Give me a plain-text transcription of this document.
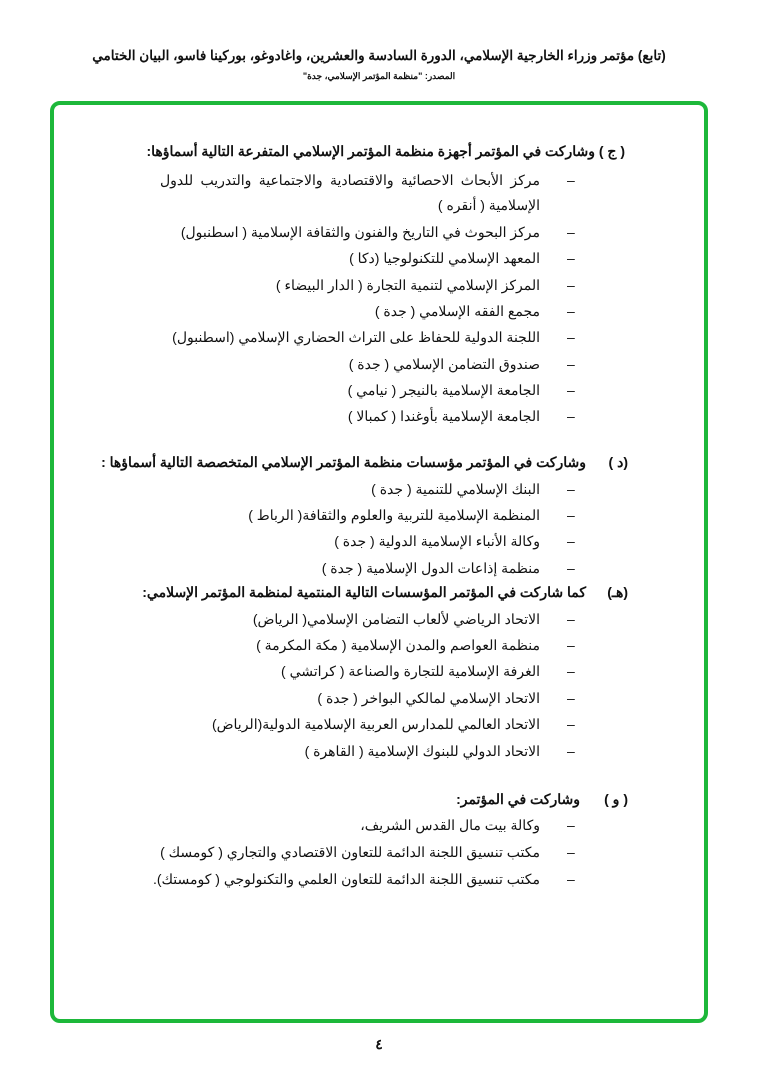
(تابع) مؤتمر وزراء الخارجية الإسلامي، الدورة السادسة والعشرين، واغادوغو، بوركينا فاسو، البيان الختامي
المصدر: "منظمة المؤتمر الإسلامي، جدة"
( ج ) وشاركت في المؤتمر أجهزة منظمة المؤتمر الإسلامي المتفرعة التالية أسماؤها:
–
مركز الأبحاث الاحصائية والاقتصادية والاجتماعية والتدريب للدول
الإسلامية ( أنقره )
–
مركز البحوث في التاريخ والفنون والثقافة الإسلامية ( اسطنبول)
–
المعهد الإسلامي للتكنولوجيا (دكا )
–
المركز الإسلامي لتنمية التجارة ( الدار البيضاء )
–
مجمع الفقه الإسلامي ( جدة )
–
اللجنة الدولية للحفاظ على التراث الحضاري الإسلامي (اسطنبول)
–
صندوق التضامن الإسلامي ( جدة )
–
الجامعة الإسلامية بالنيجر ( نيامي )
–
الجامعة الإسلامية بأوغندا ( كمبالا )
(د )
وشاركت في المؤتمر مؤسسات منظمة المؤتمر الإسلامي المتخصصة التالية أسماؤها :
–
البنك الإسلامي للتنمية ( جدة )
–
المنظمة الإسلامية للتربية والعلوم والثقافة( الرباط )
–
وكالة الأنباء الإسلامية الدولية ( جدة )
–
منظمة إذاعات الدول الإسلامية ( جدة )
(هـ)
كما شاركت في المؤتمر المؤسسات التالية المنتمية لمنظمة المؤتمر الإسلامي:
–
الاتحاد الرياضي لألعاب التضامن الإسلامي( الرياض)
–
منظمة العواصم والمدن الإسلامية ( مكة المكرمة )
–
الغرفة الإسلامية للتجارة والصناعة ( كراتشي )
–
الاتحاد الإسلامي لمالكي البواخر ( جدة )
–
الاتحاد العالمي للمدارس العربية الإسلامية الدولية(الرياض)
–
الاتحاد الدولي للبنوك الإسلامية ( القاهرة )
( و )
وشاركت في المؤتمر:
–
وكالة بيت مال القدس الشريف،
–
مكتب تنسيق اللجنة الدائمة للتعاون الاقتصادي والتجاري ( كومسك )
–
مكتب تنسيق اللجنة الدائمة للتعاون العلمي والتكنولوجي ( كومستك).
٤
